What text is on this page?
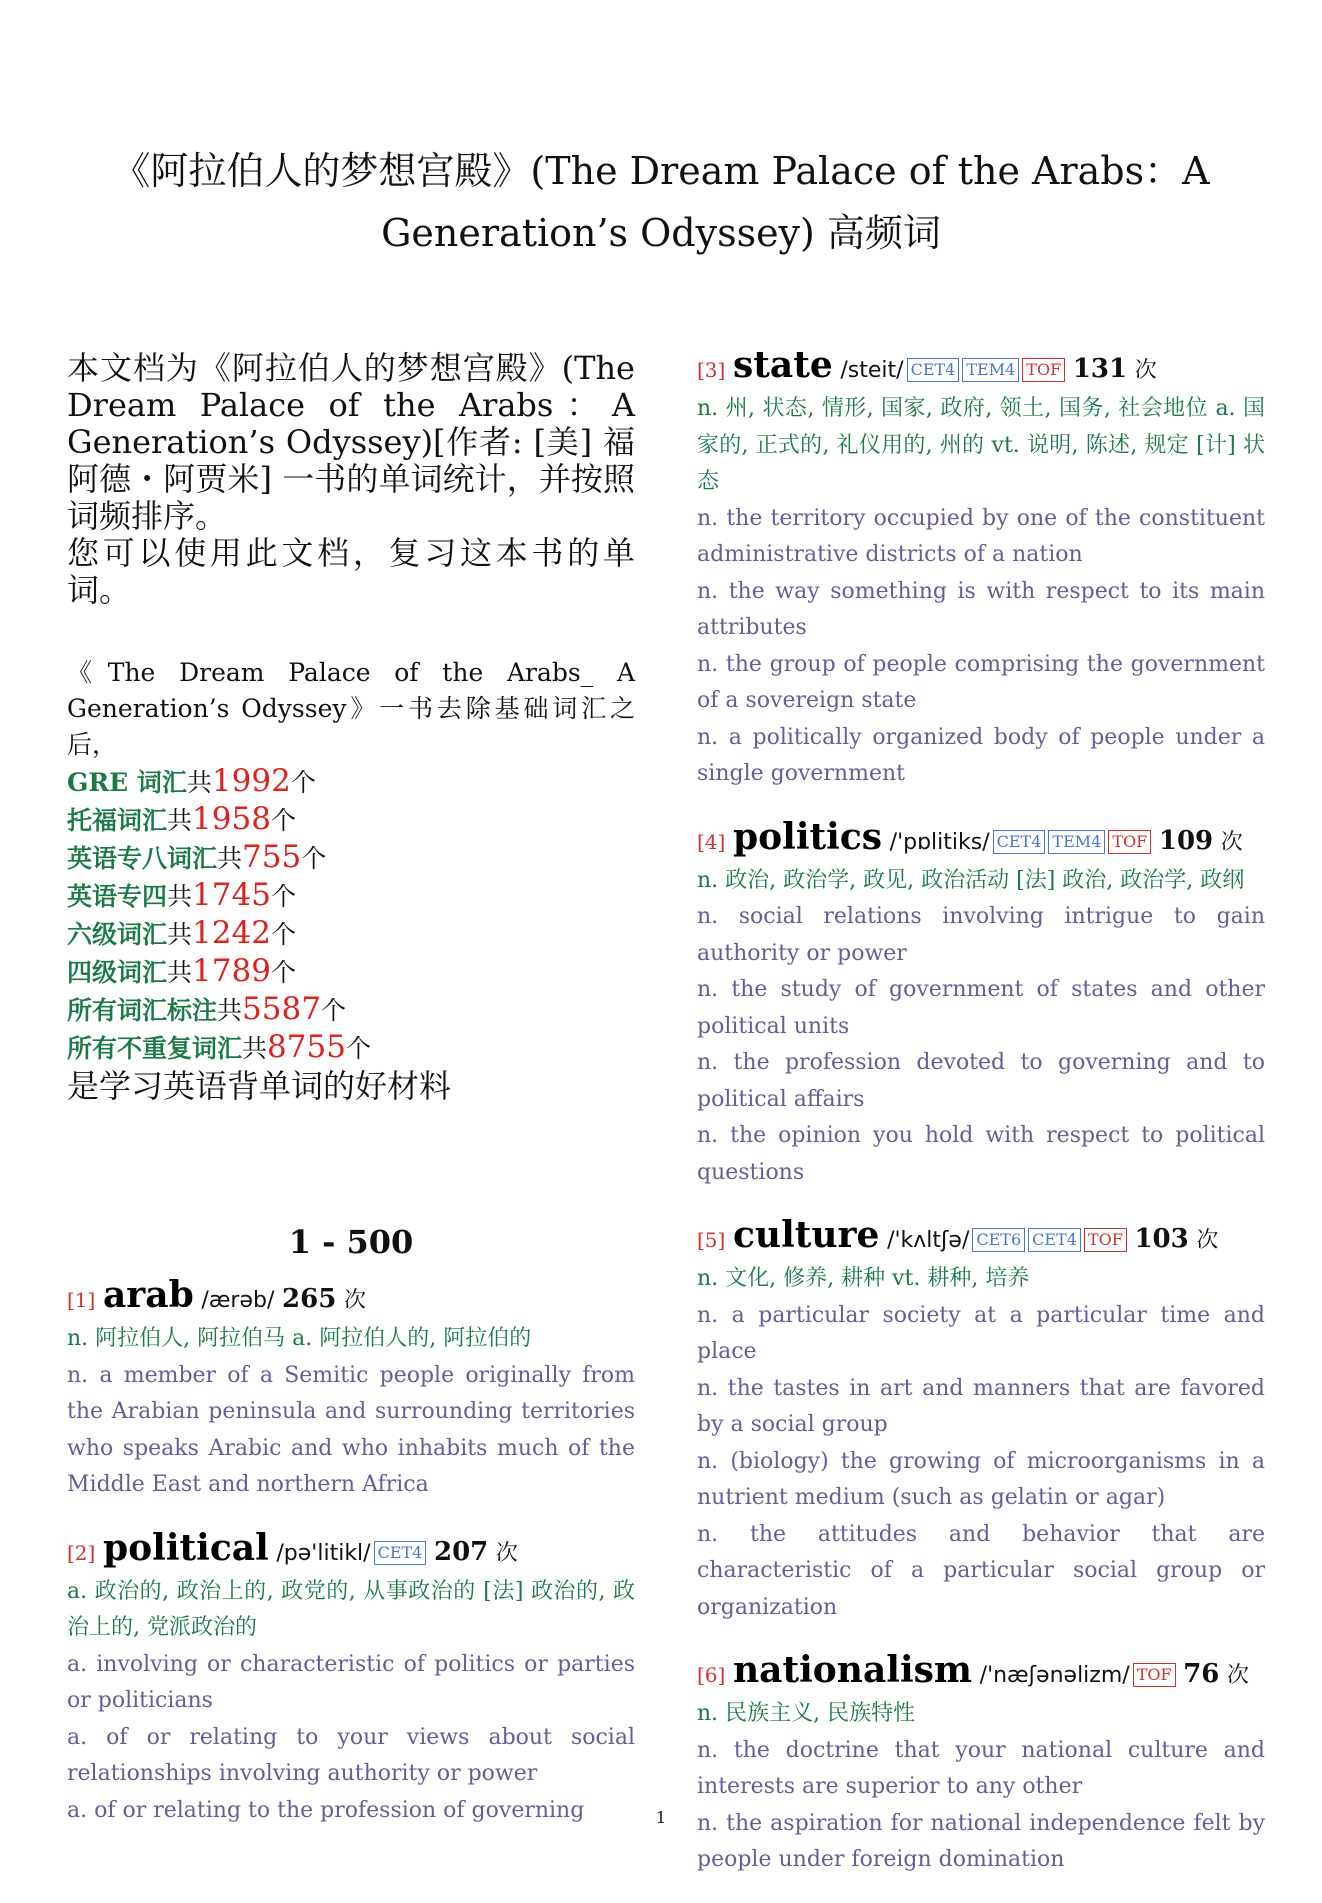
《阿拉伯人的梦想宫殿》(The Dream Palace of the Arabs：A Generation’s Odyssey) 高频词

本文档为《阿拉伯人的梦想宫殿》(The Dream Palace of the Arabs：A Generation’s Odyssey)[作者: [美] 福阿德・阿贾米] 一书的单词统计，并按照词频排序。

您可以使用此文档，复习这本书的单词。

《The Dream Palace of the Arabs_ A Generation’s Odyssey》一书去除基础词汇之后，
GRE 词汇共1992个
托福词汇共1958个
英语专八词汇共755个
英语专四共1745个
六级词汇共1242个
四级词汇共1789个
所有词汇标注共5587个
所有不重复词汇共8755个
是学习英语背单词的好材料
1 - 500
[1] arab /ærəb/ 265 次
n. 阿拉伯人, 阿拉伯马 a. 阿拉伯人的, 阿拉伯的
n. a member of a Semitic people originally from the Arabian peninsula and surrounding territories who speaks Arabic and who inhabits much of the Middle East and northern Africa
[2] political /pə'litikl/ CET4 207 次
a. 政治的, 政治上的, 政党的, 从事政治的 [法] 政治的, 政治上的, 党派政治的
a. involving or characteristic of politics or parties or politicians
a. of or relating to your views about social relationships involving authority or power
a. of or relating to the profession of governing
[3] state /steit/ CET4 TEM4 TOF 131 次
n. 州, 状态, 情形, 国家, 政府, 领土, 国务, 社会地位 a. 国家的, 正式的, 礼仪用的, 州的 vt. 说明, 陈述, 规定 [计] 状态
n. the territory occupied by one of the constituent administrative districts of a nation
n. the way something is with respect to its main attributes
n. the group of people comprising the government of a sovereign state
n. a politically organized body of people under a single government
[4] politics /'pɒlitiks/ CET4 TEM4 TOF 109 次
n. 政治, 政治学, 政见, 政治活动 [法] 政治, 政治学, 政纲
n. social relations involving intrigue to gain authority or power
n. the study of government of states and other political units
n. the profession devoted to governing and to political affairs
n. the opinion you hold with respect to political questions
[5] culture /'kʌltʃə/ CET6 CET4 TOF 103 次
n. 文化, 修养, 耕种 vt. 耕种, 培养
n. a particular society at a particular time and place
n. the tastes in art and manners that are favored by a social group
n. (biology) the growing of microorganisms in a nutrient medium (such as gelatin or agar)
n. the attitudes and behavior that are characteristic of a particular social group or organization
[6] nationalism /'næʃənəlizm/ TOF 76 次
n. 民族主义, 民族特性
n. the doctrine that your national culture and interests are superior to any other
n. the aspiration for national independence felt by people under foreign domination
1
